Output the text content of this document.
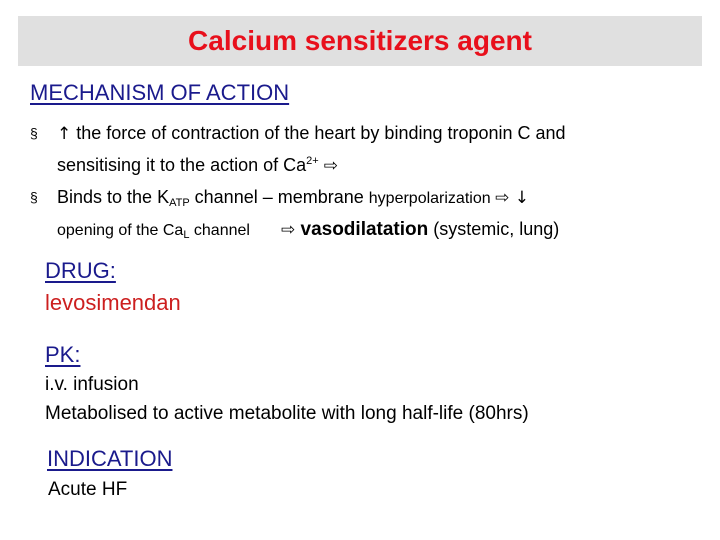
Calcium sensitizers agent
MECHANISM OF ACTION
§ ↑ the force of contraction of the heart by binding troponin C and
sensitising it to the action of $Ca^{2+}$ ⇨
§ Binds to the $K_{ATP}$ channel – membrane hyperpolarization ⇨ ↓
opening of the $Ca_L$ channel ⇨ vasodilatation (systemic, lung)
DRUG:
levosimendan
PK:
i.v. infusion
Metabolised to active metabolite with long half-life (80hrs)
INDICATION
Acute HF
